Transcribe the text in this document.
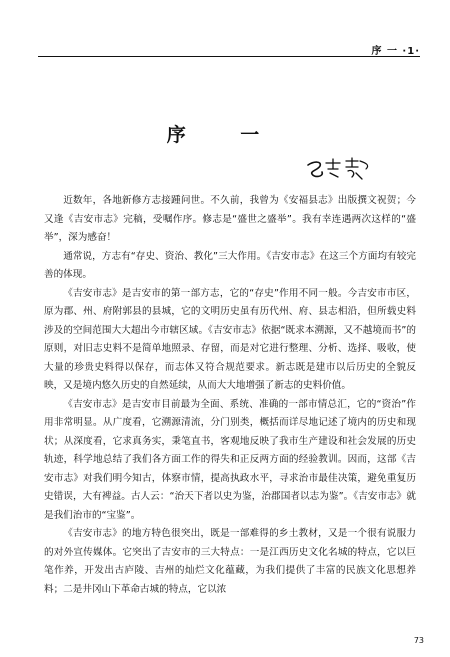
序 一 ·1·
序 一

近数年，各地新修方志接踵问世。不久前，我曾为《安福县志》出版撰文祝贺；今又逢《吉安市志》完稿，受嘱作序。修志是“盛世之盛举”。我有幸连遇两次这样的“盛举”，深为感奋！

通常说，方志有“存史、资治、教化”三大作用。《吉安市志》在这三个方面均有较完善的体现。

《吉安市志》是吉安市的第一部方志，它的“存史”作用不同一般。今吉安市市区，原为郡、州、府附郭县的县城，它的文明历史虽有历代州、府、县志相沿，但所载史料涉及的空间范围大大超出今市辖区域。《吉安市志》依据“既求本溯源，又不越境而书”的原则，对旧志史料不是简单地照录、存留，而是对它进行整理、分析、选择、吸收，使大量的珍贵史料得以保存，而志体又符合规范要求。新志既是建市以后历史的全貌反映，又是境内悠久历史的自然延续，从而大大地增强了新志的史料价值。

《吉安市志》是吉安市目前最为全面、系统、准确的一部市情总汇，它的“资治”作用非常明显。从广度看，它溯源清流，分门别类，概括而详尽地记述了境内的历史和现状；从深度看，它求真务实，秉笔直书，客观地反映了我市生产建设和社会发展的历史轨迹，科学地总结了我们各方面工作的得失和正反两方面的经验教训。因而，这部《吉安市志》对我们明今知古，体察市情，提高执政水平，寻求治市最佳决策，避免重复历史错误，大有裨益。古人云：“治天下者以史为鉴，治郡国者以志为鉴”。《吉安市志》就是我们治市的“宝鉴”。

《吉安市志》的地方特色很突出，既是一部难得的乡土教材，又是一个很有说服力的对外宣传媒体。它突出了吉安市的三大特点：一是江西历史文化名城的特点，它以巨笔作养，开发出古庐陵、吉州的灿烂文化蕴藏，为我们提供了丰富的民族文化思想养料；二是井冈山下革命古城的特点，它以浓

73
